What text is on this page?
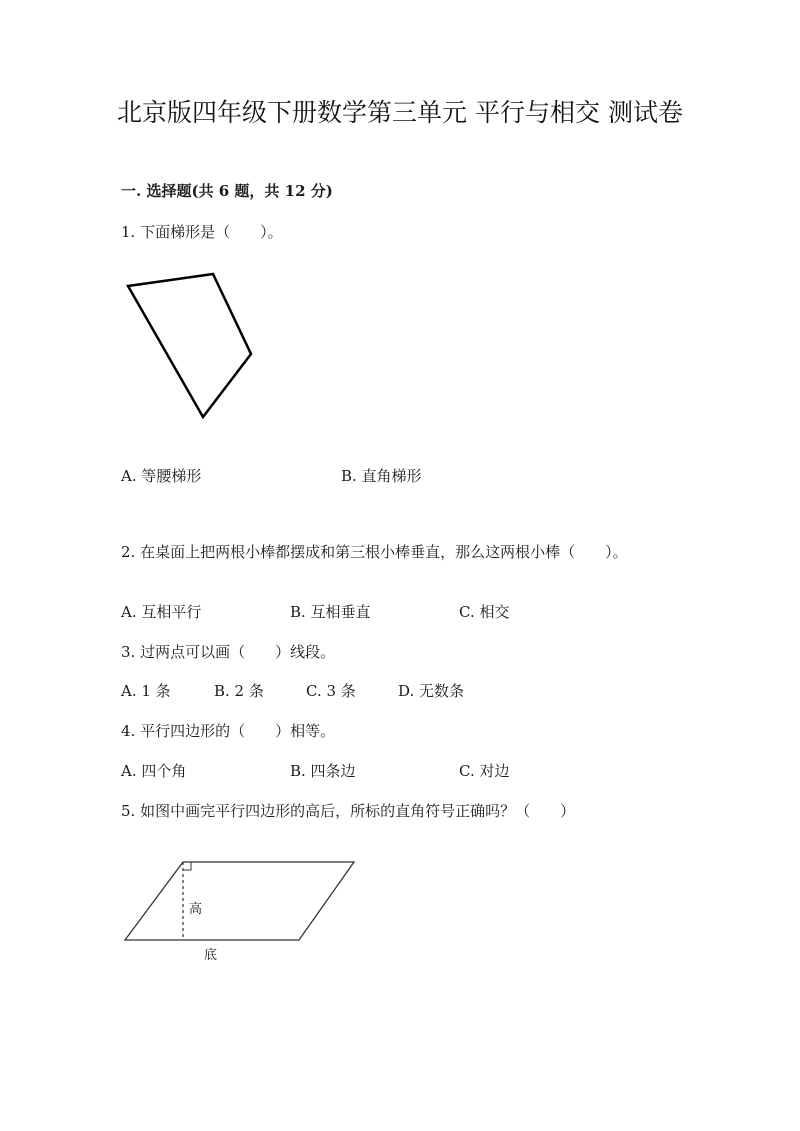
北京版四年级下册数学第三单元 平行与相交 测试卷
一. 选择题(共 6 题，共 12 分)
1. 下面梯形是（　　）。
A. 等腰梯形	B. 直角梯形
2. 在桌面上把两根小棒都摆成和第三根小棒垂直，那么这两根小棒（　　）。
A. 互相平行	B. 互相垂直	C. 相交
3. 过两点可以画（　　）线段。
A. 1 条	B. 2 条	C. 3 条	D. 无数条
4. 平行四边形的（　　）相等。
A. 四个角	B. 四条边	C. 对边
5. 如图中画完平行四边形的高后，所标的直角符号正确吗？（　　）
高
底
